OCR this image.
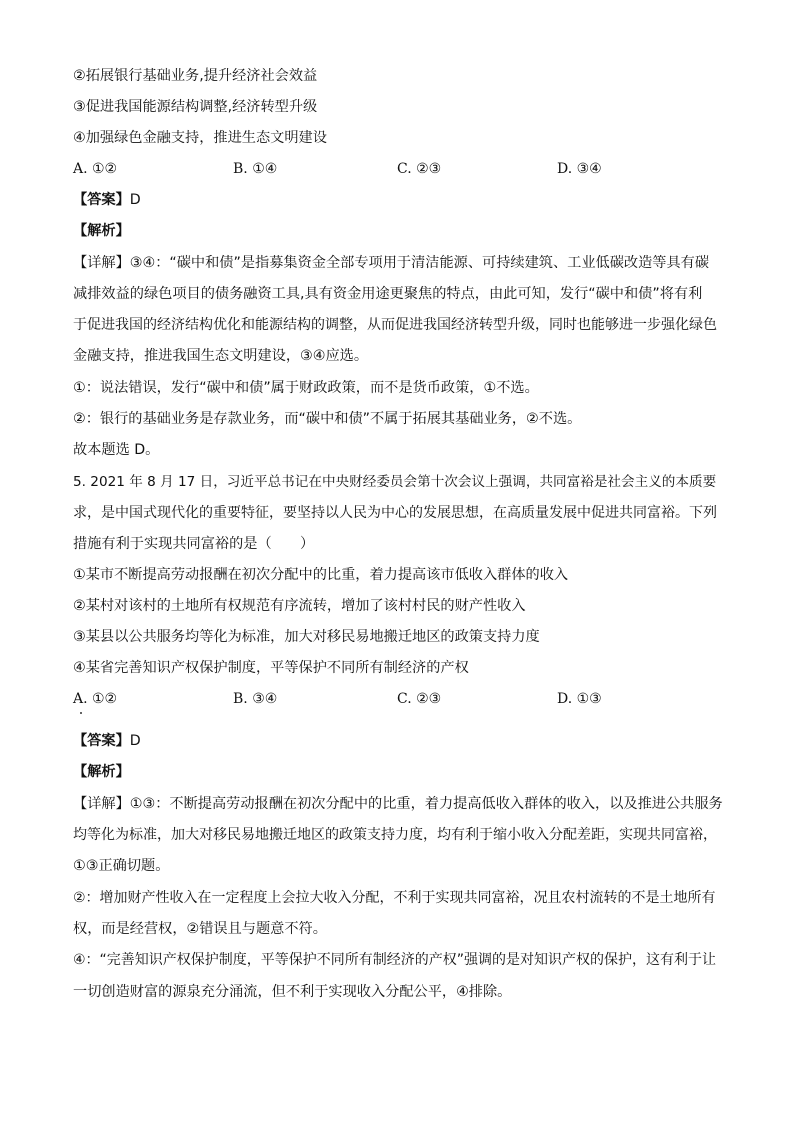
②拓展银行基础业务,提升经济社会效益
③促进我国能源结构调整,经济转型升级
④加强绿色金融支持，推进生态文明建设
A. ①②	B. ①④	C. ②③	D. ③④
【答案】D
【解析】
【详解】③④：“碳中和债”是指募集资金全部专项用于清洁能源、可持续建筑、工业低碳改造等具有碳
减排效益的绿色项目的债务融资工具,具有资金用途更聚焦的特点，由此可知，发行“碳中和债”将有利
于促进我国的经济结构优化和能源结构的调整，从而促进我国经济转型升级，同时也能够进一步强化绿色
金融支持，推进我国生态文明建设，③④应选。
①：说法错误，发行“碳中和债”属于财政政策，而不是货币政策，①不选。
②：银行的基础业务是存款业务，而“碳中和债”不属于拓展其基础业务，②不选。
故本题选 D。
5. 2021 年 8 月 17 日，习近平总书记在中央财经委员会第十次会议上强调，共同富裕是社会主义的本质要
求，是中国式现代化的重要特征，要坚持以人民为中心的发展思想，在高质量发展中促进共同富裕。下列
措施有利于实现共同富裕的是（　　）
①某市不断提高劳动报酬在初次分配中的比重，着力提高该市低收入群体的收入
②某村对该村的土地所有权规范有序流转，增加了该村村民的财产性收入
③某县以公共服务均等化为标准，加大对移民易地搬迁地区的政策支持力度
④某省完善知识产权保护制度，平等保护不同所有制经济的产权
A. ①②	B. ③④	C. ②③	D. ①③
【答案】D
【解析】
【详解】①③：不断提高劳动报酬在初次分配中的比重，着力提高低收入群体的收入，以及推进公共服务
均等化为标准，加大对移民易地搬迁地区的政策支持力度，均有利于缩小收入分配差距，实现共同富裕，
①③正确切题。
②：增加财产性收入在一定程度上会拉大收入分配，不利于实现共同富裕，况且农村流转的不是土地所有
权，而是经营权，②错误且与题意不符。
④：“完善知识产权保护制度，平等保护不同所有制经济的产权”强调的是对知识产权的保护，这有利于让
一切创造财富的源泉充分涌流，但不利于实现收入分配公平，④排除。
